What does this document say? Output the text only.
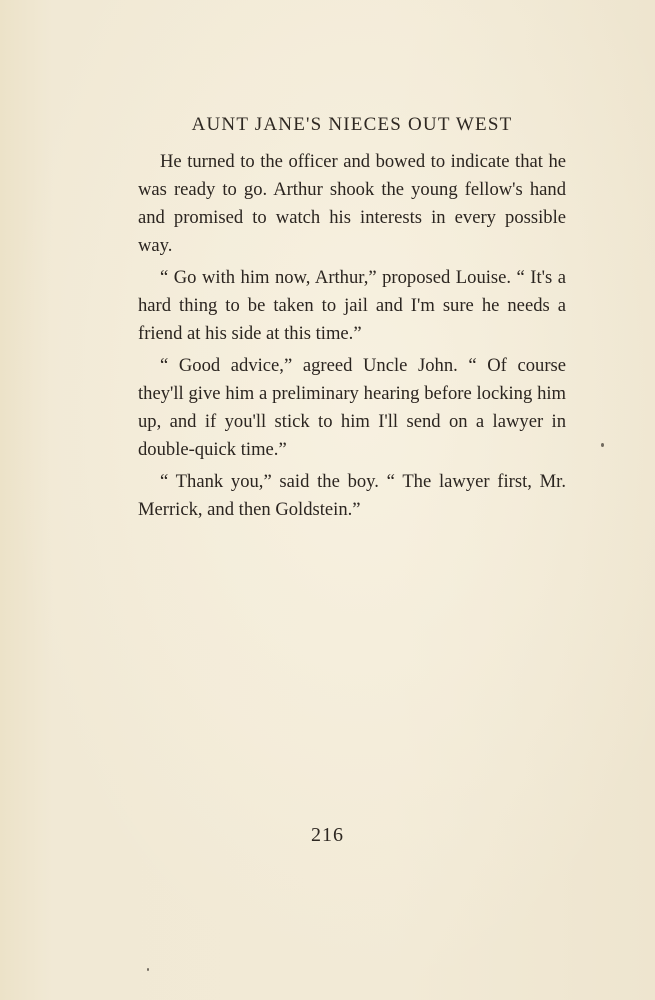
AUNT JANE'S NIECES OUT WEST

He turned to the officer and bowed to indicate that he was ready to go. Arthur shook the young fellow's hand and promised to watch his interests in every possible way.

“ Go with him now, Arthur,” proposed Louise. “ It's a hard thing to be taken to jail and I'm sure he needs a friend at his side at this time.”

“ Good advice,” agreed Uncle John. “ Of course they'll give him a preliminary hearing before locking him up, and if you'll stick to him I'll send on a lawyer in double-quick time.”

“ Thank you,” said the boy. “ The lawyer first, Mr. Merrick, and then Goldstein.”

216
